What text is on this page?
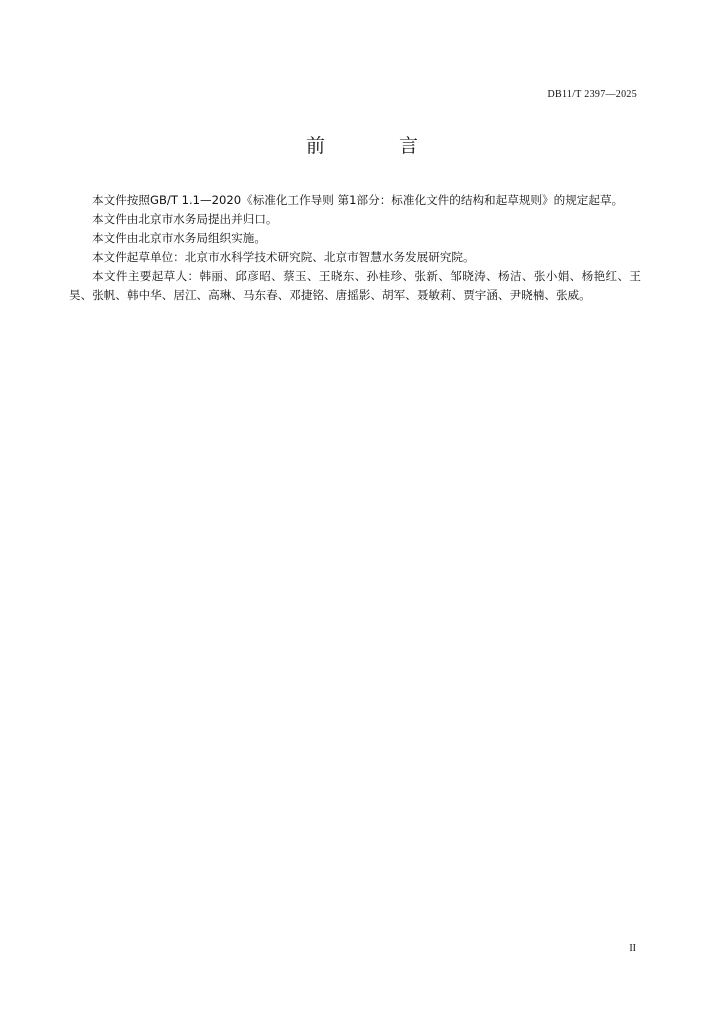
DB11/T 2397—2025
前 言

本文件按照GB/T 1.1—2020《标准化工作导则 第1部分：标准化文件的结构和起草规则》的规定起草。

本文件由北京市水务局提出并归口。

本文件由北京市水务局组织实施。

本文件起草单位：北京市水科学技术研究院、北京市智慧水务发展研究院。

本文件主要起草人：韩丽、邱彦昭、蔡玉、王晓东、孙桂珍、张新、邹晓涛、杨洁、张小娟、杨艳红、王昊、张帆、韩中华、居江、高琳、马东春、邓捷铭、唐摇影、胡军、聂敏莉、贾宇涵、尹晓楠、张威。

II
